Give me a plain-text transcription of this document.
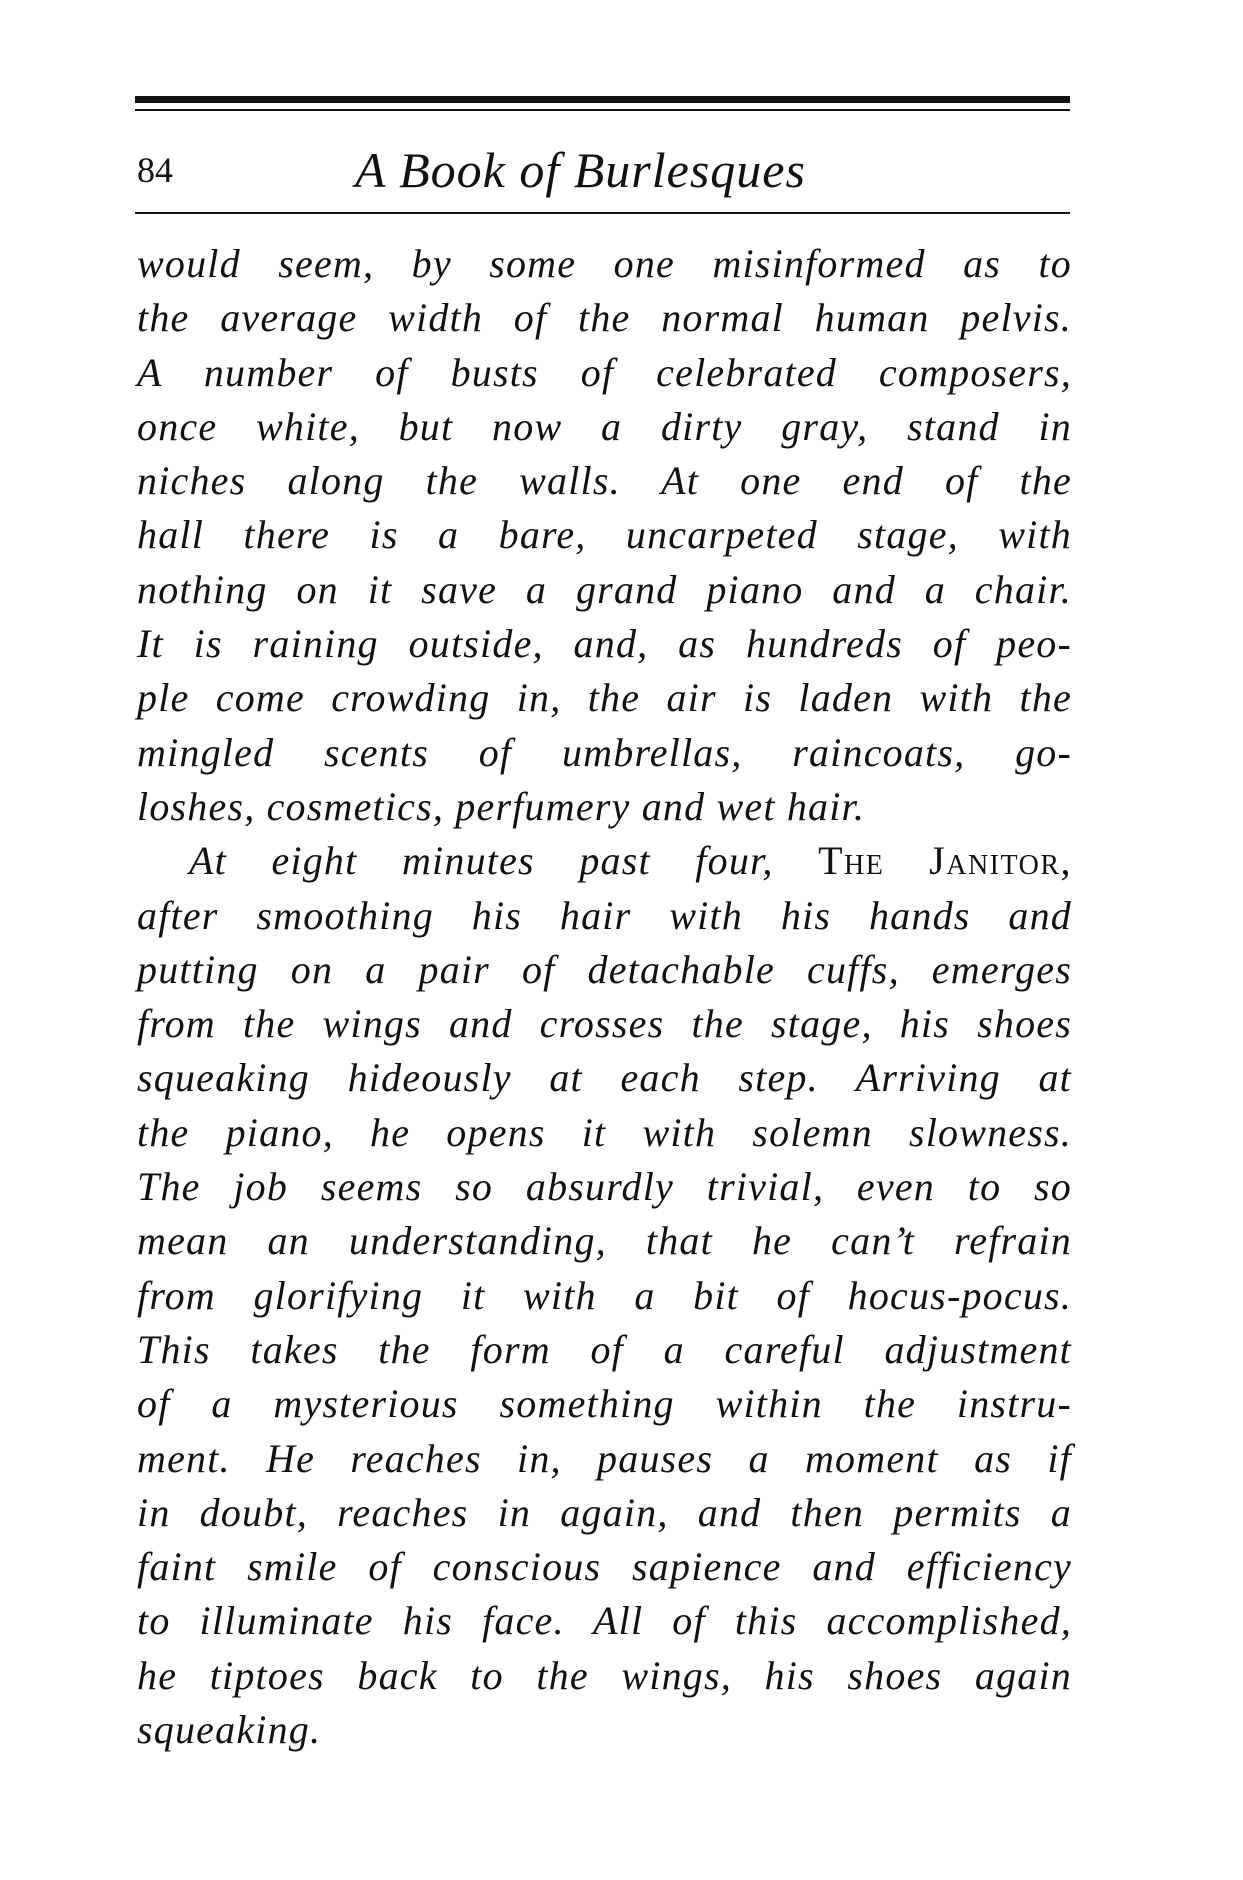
84	A Book of Burlesques
would seem, by some one misinformed as to
the average width of the normal human pelvis.
A number of busts of celebrated composers,
once white, but now a dirty gray, stand in
niches along the walls. At one end of the
hall there is a bare, uncarpeted stage, with
nothing on it save a grand piano and a chair.
It is raining outside, and, as hundreds of peo-
ple come crowding in, the air is laden with the
mingled scents of umbrellas, raincoats, go-
loshes, cosmetics, perfumery and wet hair.
At eight minutes past four, The Janitor,
after smoothing his hair with his hands and
putting on a pair of detachable cuffs, emerges
from the wings and crosses the stage, his shoes
squeaking hideously at each step. Arriving at
the piano, he opens it with solemn slowness.
The job seems so absurdly trivial, even to so
mean an understanding, that he can’t refrain
from glorifying it with a bit of hocus-pocus.
This takes the form of a careful adjustment
of a mysterious something within the instru-
ment. He reaches in, pauses a moment as if
in doubt, reaches in again, and then permits a
faint smile of conscious sapience and efficiency
to illuminate his face. All of this accomplished,
he tiptoes back to the wings, his shoes again
squeaking.
